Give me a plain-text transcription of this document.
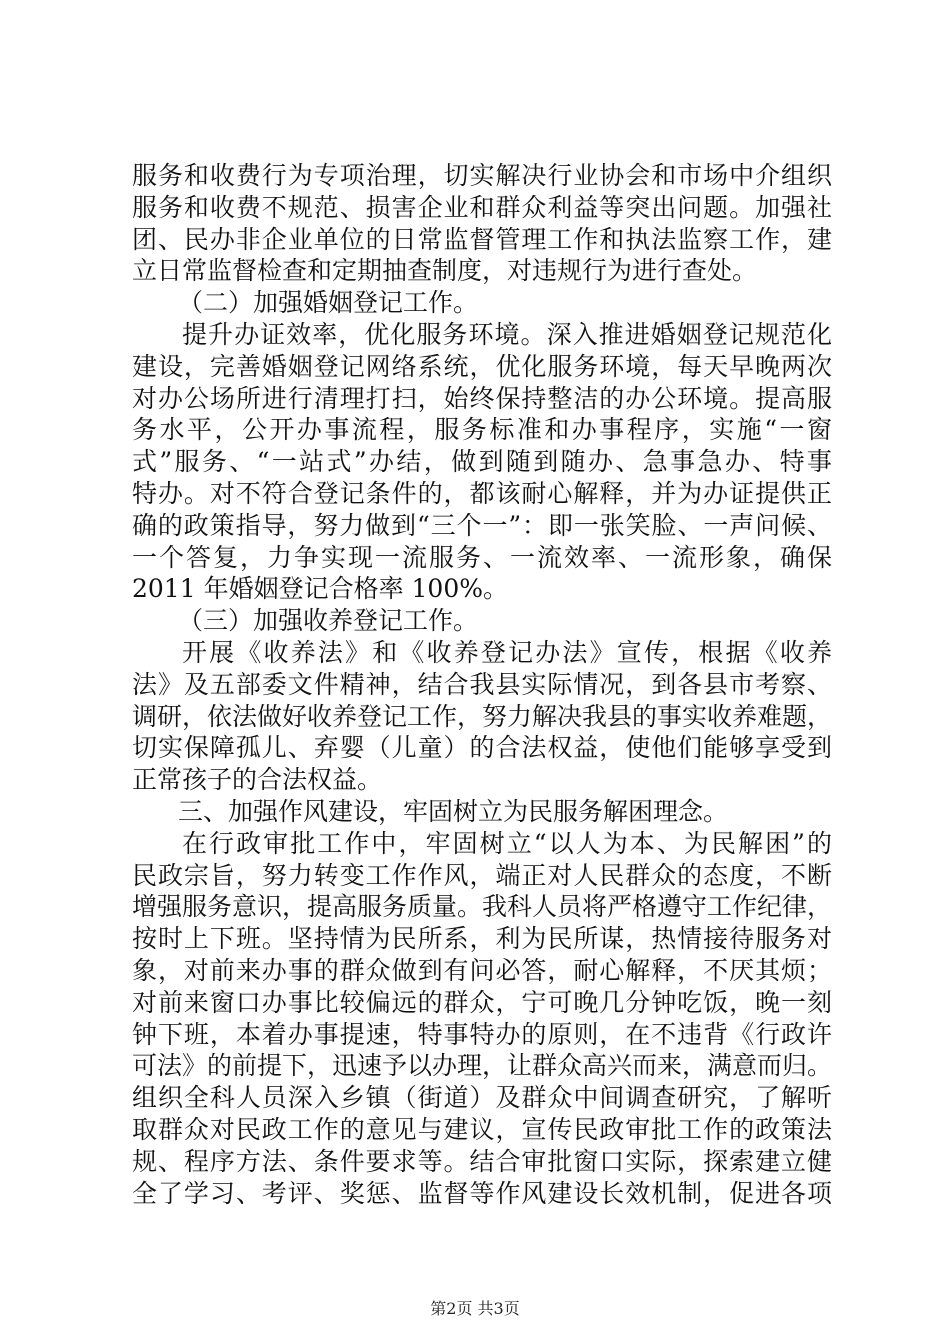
服务和收费行为专项治理，切实解决行业协会和市场中介组织
服务和收费不规范、损害企业和群众利益等突出问题。加强社
团、民办非企业单位的日常监督管理工作和执法监察工作，建
立日常监督检查和定期抽查制度，对违规行为进行查处。
（二）加强婚姻登记工作。
提升办证效率，优化服务环境。深入推进婚姻登记规范化
建设，完善婚姻登记网络系统，优化服务环境，每天早晚两次
对办公场所进行清理打扫，始终保持整洁的办公环境。提高服
务水平，公开办事流程，服务标准和办事程序，实施“一窗
式”服务、“一站式”办结，做到随到随办、急事急办、特事
特办。对不符合登记条件的，都该耐心解释，并为办证提供正
确的政策指导，努力做到“三个一”：即一张笑脸、一声问候、
一个答复，力争实现一流服务、一流效率、一流形象，确保
2011 年婚姻登记合格率 100%。
（三）加强收养登记工作。
开展《收养法》和《收养登记办法》宣传，根据《收养
法》及五部委文件精神，结合我县实际情况，到各县市考察、
调研，依法做好收养登记工作，努力解决我县的事实收养难题，
切实保障孤儿、弃婴（儿童）的合法权益，使他们能够享受到
正常孩子的合法权益。
三、加强作风建设，牢固树立为民服务解困理念。
在行政审批工作中，牢固树立“以人为本、为民解困”的
民政宗旨，努力转变工作作风，端正对人民群众的态度，不断
增强服务意识，提高服务质量。我科人员将严格遵守工作纪律，
按时上下班。坚持情为民所系，利为民所谋，热情接待服务对
象，对前来办事的群众做到有问必答，耐心解释，不厌其烦；
对前来窗口办事比较偏远的群众，宁可晚几分钟吃饭，晚一刻
钟下班，本着办事提速，特事特办的原则，在不违背《行政许
可法》的前提下，迅速予以办理，让群众高兴而来，满意而归。
组织全科人员深入乡镇（街道）及群众中间调查研究，了解听
取群众对民政工作的意见与建议，宣传民政审批工作的政策法
规、程序方法、条件要求等。结合审批窗口实际，探索建立健
全了学习、考评、奖惩、监督等作风建设长效机制，促进各项
第2页 共3页
